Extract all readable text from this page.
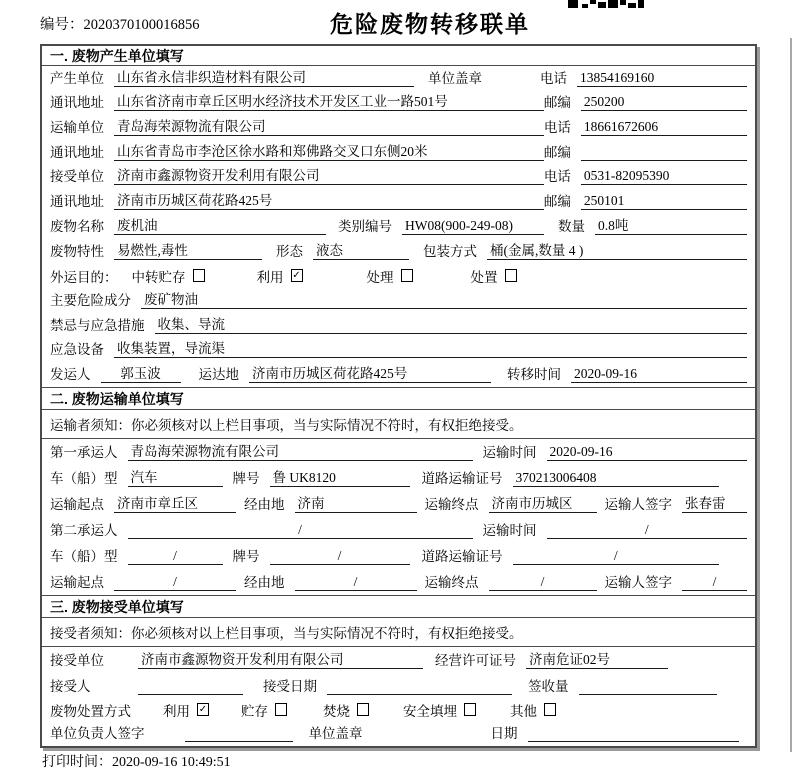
编号：2020370100016856	危险废物转移联单
一. 废物产生单位填写
产生单位 山东省永信非织造材料有限公司	单位盖章	电话 13854169160
通讯地址 山东省济南市章丘区明水经济技术开发区工业一路501号	邮编 250200
运输单位 青岛海荣源物流有限公司	电话 18661672606
通讯地址 山东省青岛市李沧区徐水路和郑佛路交叉口东侧20米	邮编
接受单位 济南市鑫源物资开发利用有限公司	电话 0531-82095390
通讯地址 济南市历城区荷花路425号	邮编 250101
废物名称 废机油	类别编号 HW08(900-249-08)	数量 0.8吨
废物特性 易燃性,毒性	形态 液态	包装方式 桶(金属,数量 4 )
外运目的： 中转贮存	利用 ✓	处理	处置
主要危险成分 废矿物油
禁忌与应急措施 收集、导流
应急设备 收集装置，导流渠
发运人	郭玉波	运达地 济南市历城区荷花路425号	转移时间 2020-09-16
二. 废物运输单位填写
运输者须知：你必须核对以上栏目事项，当与实际情况不符时，有权拒绝接受。
第一承运人 青岛海荣源物流有限公司	运输时间 2020-09-16
车（船）型 汽车	牌号 鲁 UK8120	道路运输证号 370213006408
运输起点 济南市章丘区	经由地 济南	运输终点 济南市历城区	运输人签字 张春雷
第二承运人	/	运输时间	/
车（船）型	/	牌号	/	道路运输证号	/
运输起点	/	经由地	/	运输终点	/	运输人签字	/
三. 废物接受单位填写
接受者须知：你必须核对以上栏目事项，当与实际情况不符时，有权拒绝接受。
接受单位	济南市鑫源物资开发利用有限公司	经营许可证号 济南危证02号
接受人	接受日期	签收量
废物处置方式 利用 ✓	贮存	焚烧	安全填埋	其他
单位负责人签字	单位盖章	日期
打印时间：2020-09-16 10:49:51
